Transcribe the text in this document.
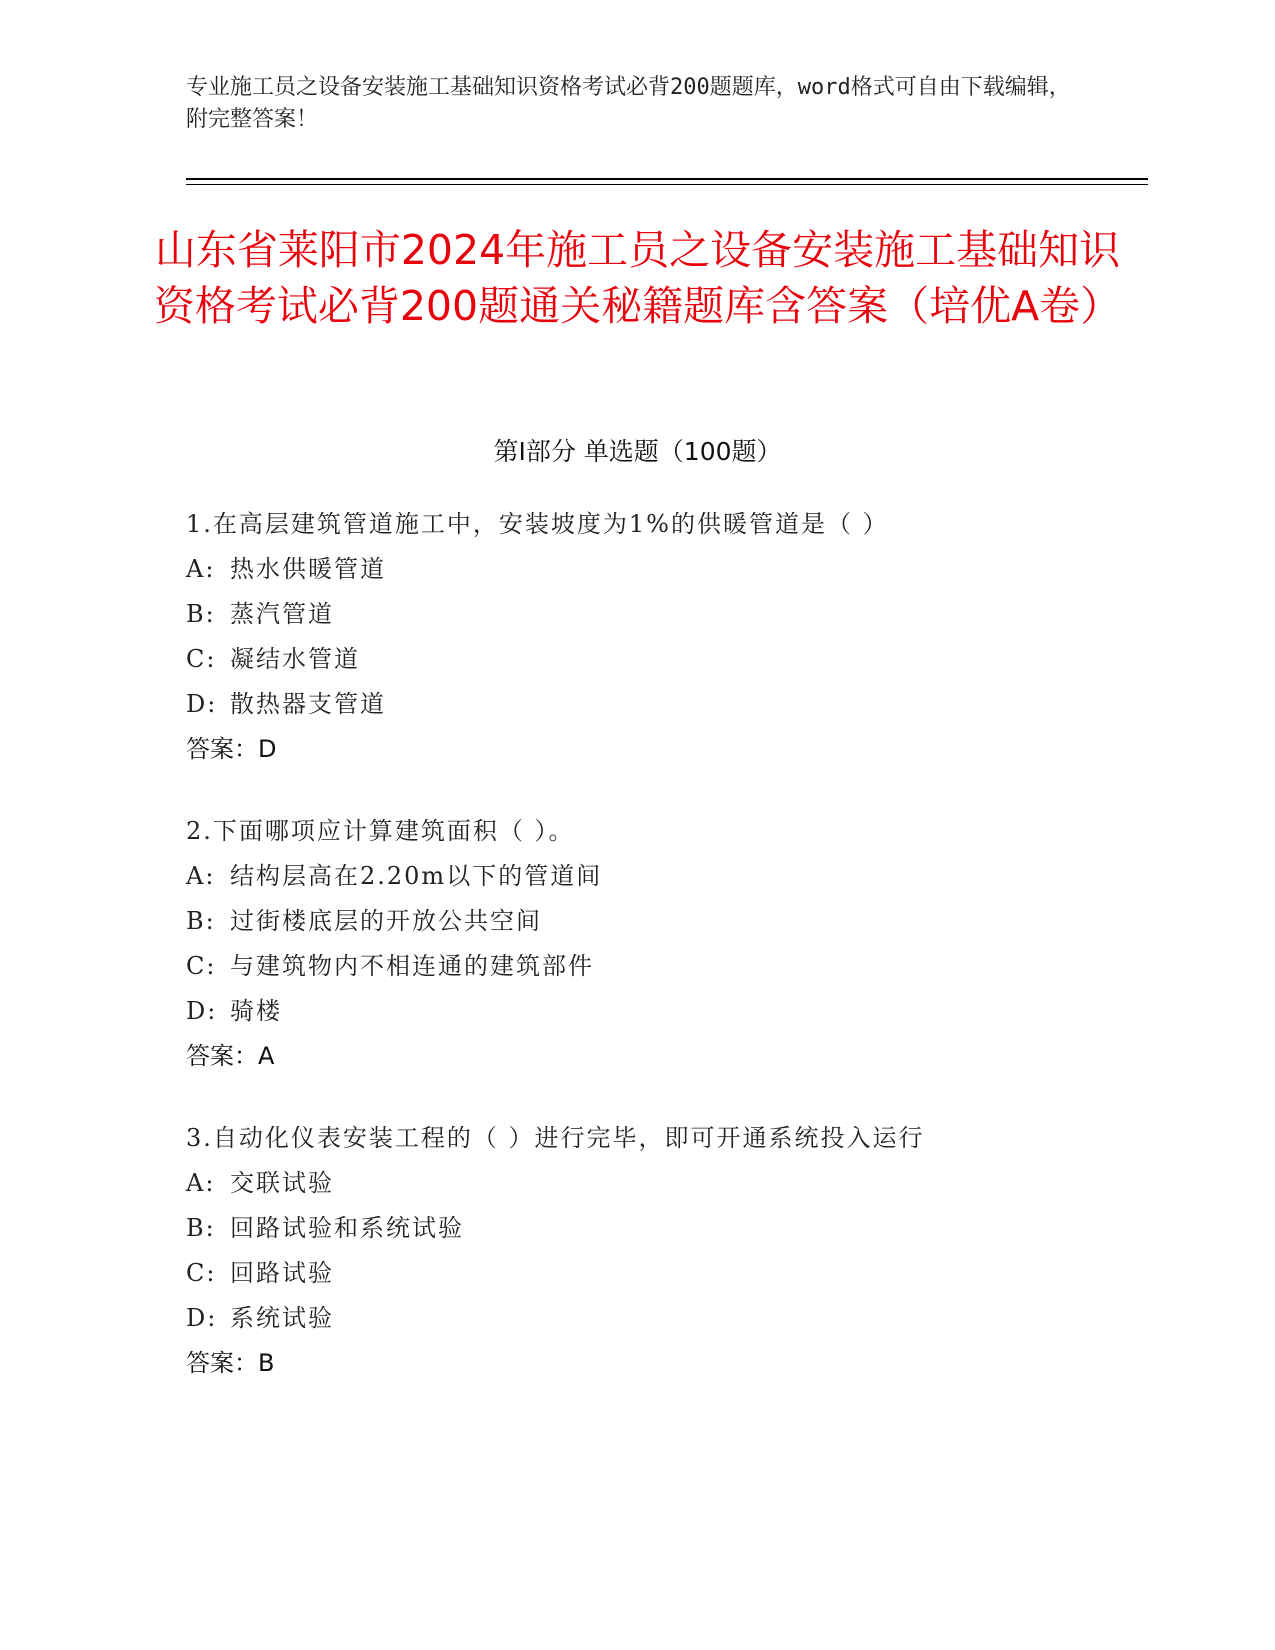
专业施工员之设备安装施工基础知识资格考试必背200题题库，word格式可自由下载编辑，附完整答案！
山东省莱阳市2024年施工员之设备安装施工基础知识资格考试必背200题通关秘籍题库含答案（培优A卷）
第Ⅰ部分 单选题（100题）
1.在高层建筑管道施工中，安装坡度为1%的供暖管道是（ ）
A: 热水供暖管道
B: 蒸汽管道
C: 凝结水管道
D: 散热器支管道
答案：D
2.下面哪项应计算建筑面积（ ）。
A: 结构层高在2.20m以下的管道间
B: 过街楼底层的开放公共空间
C: 与建筑物内不相连通的建筑部件
D: 骑楼
答案：A
3.自动化仪表安装工程的（ ）进行完毕，即可开通系统投入运行
A: 交联试验
B: 回路试验和系统试验
C: 回路试验
D: 系统试验
答案：B
